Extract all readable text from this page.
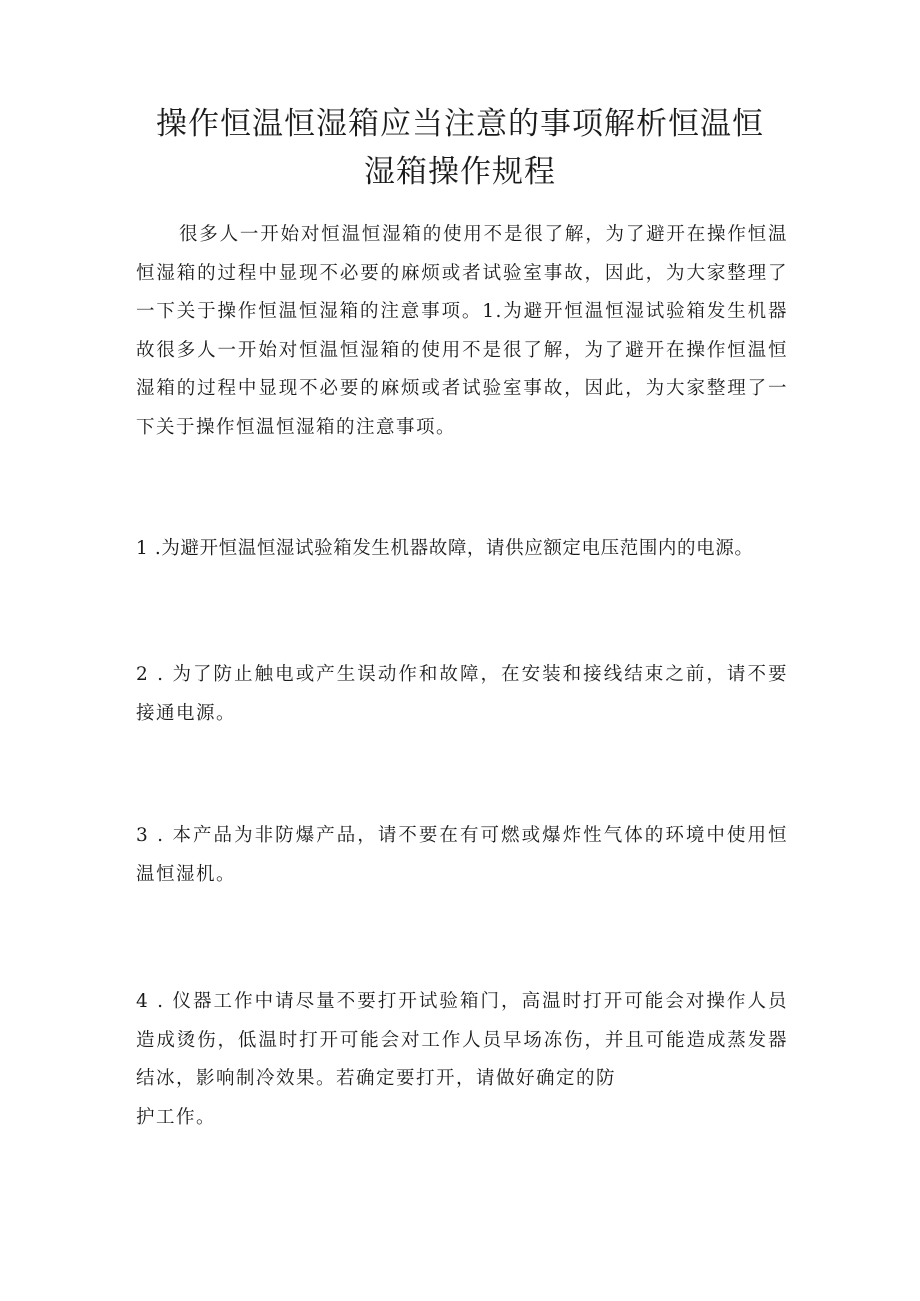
操作恒温恒湿箱应当注意的事项解析恒温恒
湿箱操作规程

很多人一开始对恒温恒湿箱的使用不是很了解，为了避开在操作恒温恒湿箱的过程中显现不必要的麻烦或者试验室事故，因此，为大家整理了一下关于操作恒温恒湿箱的注意事项。1.为避开恒温恒湿试验箱发生机器故很多人一开始对恒温恒湿箱的使用不是很了解，为了避开在操作恒温恒湿箱的过程中显现不必要的麻烦或者试验室事故，因此，为大家整理了一下关于操作恒温恒湿箱的注意事项。

1 .为避开恒温恒湿试验箱发生机器故障，请供应额定电压范围内的电源。

2 . 为了防止触电或产生误动作和故障，在安装和接线结束之前，请不要接通电源。

3 . 本产品为非防爆产品，请不要在有可燃或爆炸性气体的环境中使用恒温恒湿机。

4 . 仪器工作中请尽量不要打开试验箱门，高温时打开可能会对操作人员造成烫伤，低温时打开可能会对工作人员早场冻伤，并且可能造成蒸发器结冰，影响制冷效果。若确定要打开，请做好确定的防
护工作。
